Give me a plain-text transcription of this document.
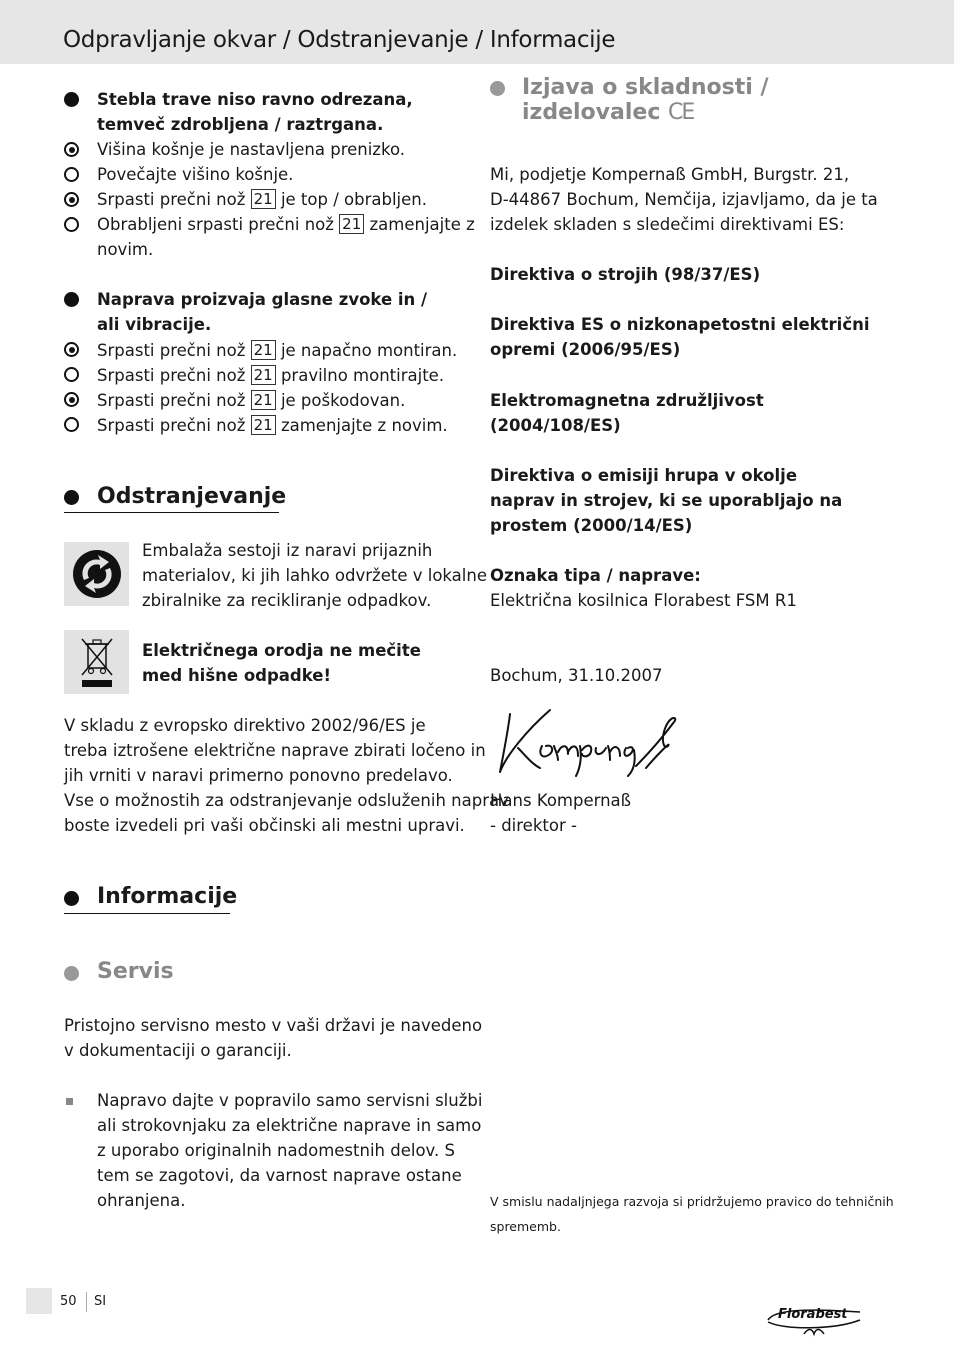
Odpravljanje okvar / Odstranjevanje / Informacije
Stebla trave niso ravno odrezana,
temveč zdrobljena / raztrgana.
Višina košnje je nastavljena prenizko.
Povečajte višino košnje.
Srpasti prečni nož 21 je top / obrabljen.
Obrabljeni srpasti prečni nož 21 zamenjajte z
novim.
Naprava proizvaja glasne zvoke in /
ali vibracije.
Srpasti prečni nož 21 je napačno montiran.
Srpasti prečni nož 21 pravilno montirajte.
Srpasti prečni nož 21 je poškodovan.
Srpasti prečni nož 21 zamenjajte z novim.
Odstranjevanje
Embalaža sestoji iz naravi prijaznih
materialov, ki jih lahko odvržete v lokalne
zbiralnike za recikliranje odpadkov.
Električnega orodja ne mečite
med hišne odpadke!
V skladu z evropsko direktivo 2002/96/ES je
treba iztrošene električne naprave zbirati ločeno in
jih vrniti v naravi primerno ponovno predelavo.
Vse o možnostih za odstranjevanje odsluženih naprav
boste izvedeli pri vaši občinski ali mestni upravi.
Informacije
Servis
Pristojno servisno mesto v vaši državi je navedeno
v dokumentaciji o garanciji.
Napravo dajte v popravilo samo servisni službi
ali strokovnjaku za električne naprave in samo
z uporabo originalnih nadomestnih delov. S
tem se zagotovi, da varnost naprave ostane
ohranjena.
Izjava o skladnosti /
izdelovalec CE
Mi, podjetje Kompernaß GmbH, Burgstr. 21,
D-44867 Bochum, Nemčija, izjavljamo, da je ta
izdelek skladen s sledečimi direktivami ES:
Direktiva o strojih (98/37/ES)
Direktiva ES o nizkonapetostni električni
opremi (2006/95/ES)
Elektromagnetna združljivost
(2004/108/ES)
Direktiva o emisiji hrupa v okolje
naprav in strojev, ki se uporabljajo na
prostem (2000/14/ES)
Oznaka tipa / naprave:
Električna kosilnica Florabest FSM R1
Bochum, 31.10.2007
Hans Kompernaß
- direktor -
V smislu nadaljnjega razvoja si pridržujemo pravico do tehničnih
sprememb.
50 SI
Florabest
